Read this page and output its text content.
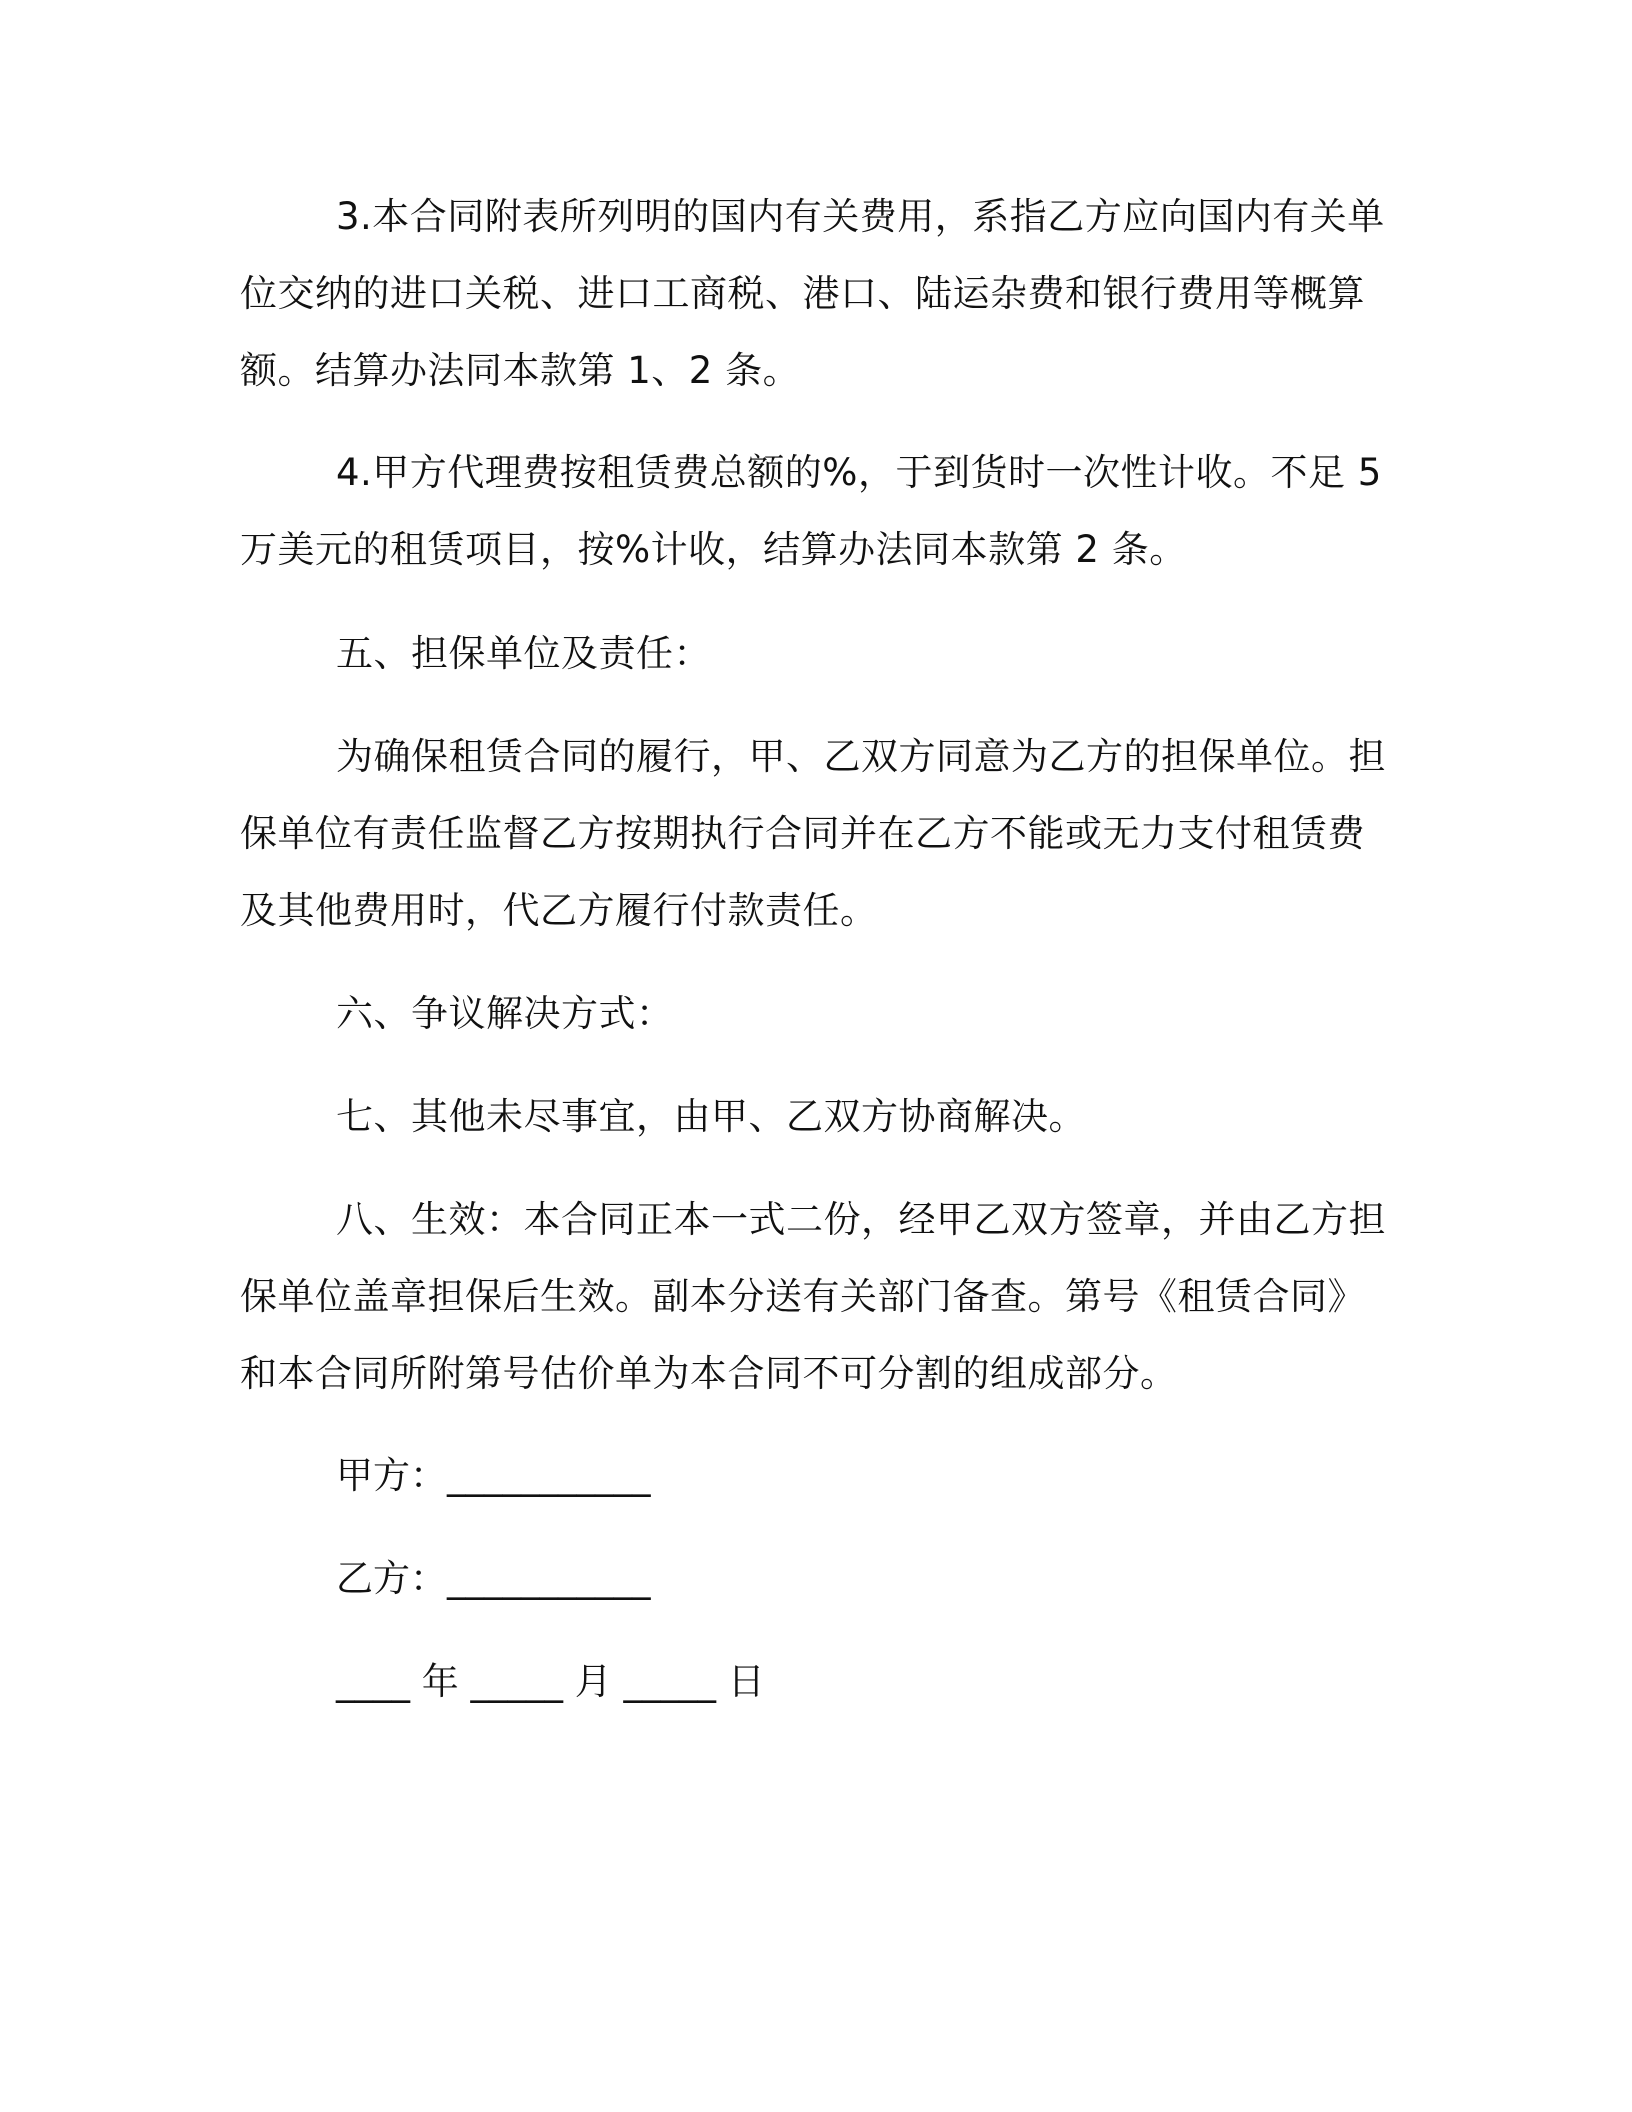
3.本合同附表所列明的国内有关费用，系指乙方应向国内有关单
位交纳的进口关税、进口工商税、港口、陆运杂费和银行费用等概算
额。结算办法同本款第 1、2 条。
4.甲方代理费按租赁费总额的%，于到货时一次性计收。不足 5
万美元的租赁项目，按%计收，结算办法同本款第 2 条。
五、担保单位及责任：
为确保租赁合同的履行，甲、乙双方同意为乙方的担保单位。担
保单位有责任监督乙方按期执行合同并在乙方不能或无力支付租赁费
及其他费用时，代乙方履行付款责任。
六、争议解决方式：
七、其他未尽事宜，由甲、乙双方协商解决。
八、生效：本合同正本一式二份，经甲乙双方签章，并由乙方担
保单位盖章担保后生效。副本分送有关部门备查。第号《租赁合同》
和本合同所附第号估价单为本合同不可分割的组成部分。
甲方：___________
乙方：___________
____ 年 _____ 月 _____ 日
